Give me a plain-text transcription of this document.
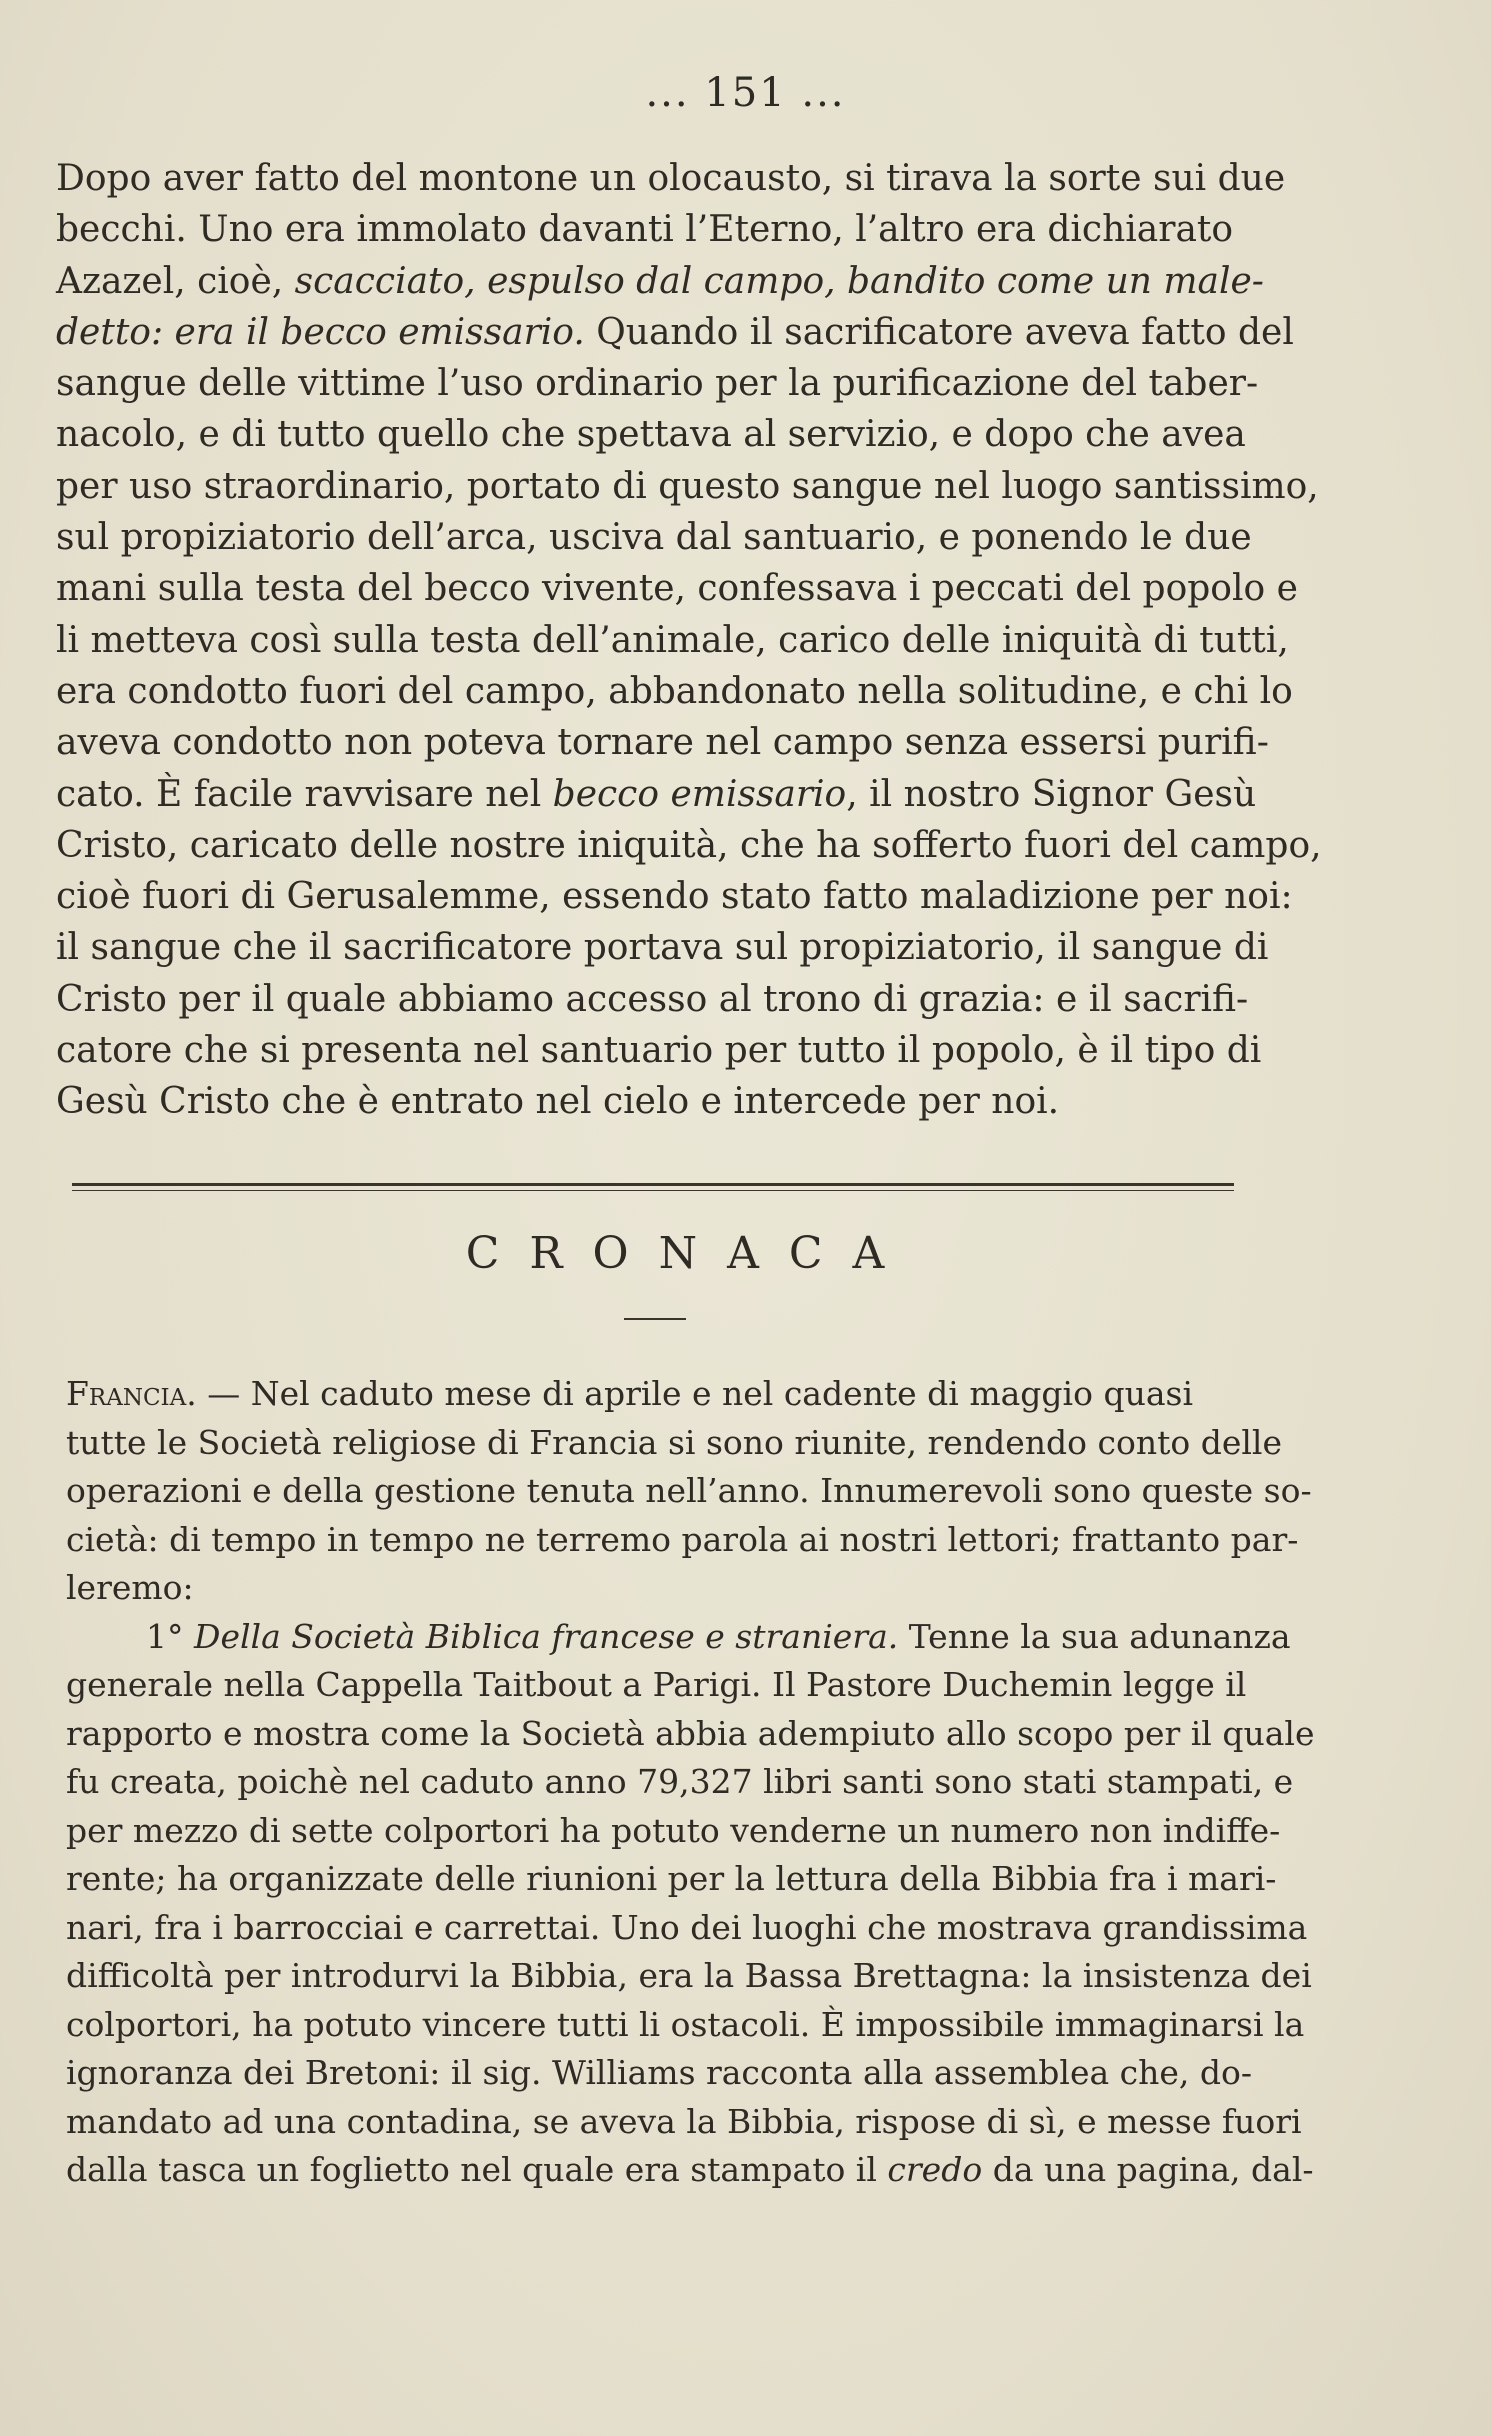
... 151 ...
Dopo aver fatto del montone un olocausto, si tirava la sorte sui due
becchi. Uno era immolato davanti l’Eterno, l’altro era dichiarato
Azazel, cioè, scacciato, espulso dal campo, bandito come un male-
detto: era il becco emissario. Quando il sacrificatore aveva fatto del
sangue delle vittime l’uso ordinario per la purificazione del taber-
nacolo, e di tutto quello che spettava al servizio, e dopo che avea
per uso straordinario, portato di questo sangue nel luogo santissimo,
sul propiziatorio dell’arca, usciva dal santuario, e ponendo le due
mani sulla testa del becco vivente, confessava i peccati del popolo e
li metteva così sulla testa dell’animale, carico delle iniquità di tutti,
era condotto fuori del campo, abbandonato nella solitudine, e chi lo
aveva condotto non poteva tornare nel campo senza essersi purifi-
cato. È facile ravvisare nel becco emissario, il nostro Signor Gesù
Cristo, caricato delle nostre iniquità, che ha sofferto fuori del campo,
cioè fuori di Gerusalemme, essendo stato fatto maladizione per noi:
il sangue che il sacrificatore portava sul propiziatorio, il sangue di
Cristo per il quale abbiamo accesso al trono di grazia: e il sacrifi-
catore che si presenta nel santuario per tutto il popolo, è il tipo di
Gesù Cristo che è entrato nel cielo e intercede per noi.
CRONACA
Francia. — Nel caduto mese di aprile e nel cadente di maggio quasi
tutte le Società religiose di Francia si sono riunite, rendendo conto delle
operazioni e della gestione tenuta nell’anno. Innumerevoli sono queste so-
cietà: di tempo in tempo ne terremo parola ai nostri lettori; frattanto par-
leremo:
1° Della Società Biblica francese e straniera. Tenne la sua adunanza
generale nella Cappella Taitbout a Parigi. Il Pastore Duchemin legge il
rapporto e mostra come la Società abbia adempiuto allo scopo per il quale
fu creata, poichè nel caduto anno 79,327 libri santi sono stati stampati, e
per mezzo di sette colportori ha potuto venderne un numero non indiffe-
rente; ha organizzate delle riunioni per la lettura della Bibbia fra i mari-
nari, fra i barrocciai e carrettai. Uno dei luoghi che mostrava grandissima
difficoltà per introdurvi la Bibbia, era la Bassa Brettagna: la insistenza dei
colportori, ha potuto vincere tutti li ostacoli. È impossibile immaginarsi la
ignoranza dei Bretoni: il sig. Williams racconta alla assemblea che, do-
mandato ad una contadina, se aveva la Bibbia, rispose di sì, e messe fuori
dalla tasca un foglietto nel quale era stampato il credo da una pagina, dal-
